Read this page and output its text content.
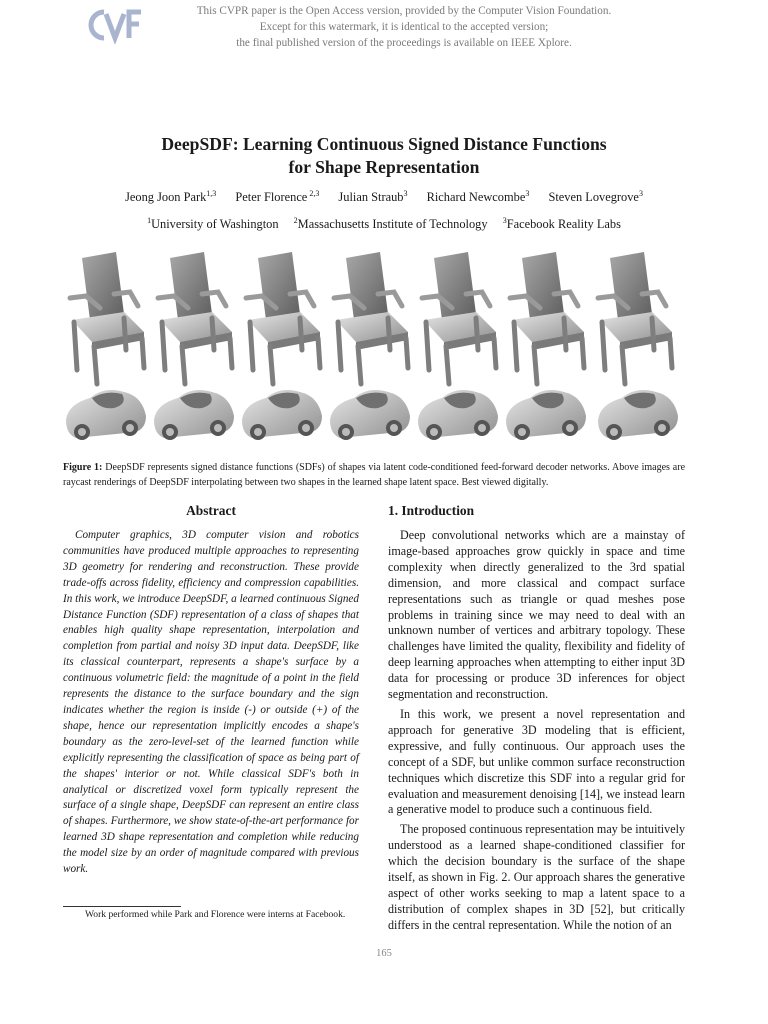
This CVPR paper is the Open Access version, provided by the Computer Vision Foundation.
Except for this watermark, it is identical to the accepted version;
the final published version of the proceedings is available on IEEE Xplore.
DeepSDF: Learning Continuous Signed Distance Functions
for Shape Representation
Jeong Joon Park$^{1,3}$ Peter Florence $^{2,3}$ Julian Straub$^3$ Richard Newcombe$^3$ Steven Lovegrove$^3$
$^1$University of Washington $^2$Massachusetts Institute of Technology $^3$Facebook Reality Labs
Figure 1: DeepSDF represents signed distance functions (SDFs) of shapes via latent code-conditioned feed-forward decoder networks. Above images are raycast renderings of DeepSDF interpolating between two shapes in the learned shape latent space. Best viewed digitally.
Abstract

Computer graphics, 3D computer vision and robotics communities have produced multiple approaches to representing 3D geometry for rendering and reconstruction. These provide trade-offs across fidelity, efficiency and compression capabilities. In this work, we introduce DeepSDF, a learned continuous Signed Distance Function (SDF) representation of a class of shapes that enables high quality shape representation, interpolation and completion from partial and noisy 3D input data. DeepSDF, like its classical counterpart, represents a shape's surface by a continuous volumetric field: the magnitude of a point in the field represents the distance to the surface boundary and the sign indicates whether the region is inside (-) or outside (+) of the shape, hence our representation implicitly encodes a shape's boundary as the zero-level-set of the learned function while explicitly representing the classification of space as being part of the shapes' interior or not. While classical SDF's both in analytical or discretized voxel form typically represent the surface of a single shape, DeepSDF can represent an entire class of shapes. Furthermore, we show state-of-the-art performance for learned 3D shape representation and completion while reducing the model size by an order of magnitude compared with previous work.

1. Introduction

Deep convolutional networks which are a mainstay of image-based approaches grow quickly in space and time complexity when directly generalized to the 3rd spatial dimension, and more classical and compact surface representations such as triangle or quad meshes pose problems in training since we may need to deal with an unknown number of vertices and arbitrary topology. These challenges have limited the quality, flexibility and fidelity of deep learning approaches when attempting to either input 3D data for processing or produce 3D inferences for object segmentation and reconstruction.

In this work, we present a novel representation and approach for generative 3D modeling that is efficient, expressive, and fully continuous. Our approach uses the concept of a SDF, but unlike common surface reconstruction techniques which discretize this SDF into a regular grid for evaluation and measurement denoising [14], we instead learn a generative model to produce such a continuous field.

The proposed continuous representation may be intuitively understood as a learned shape-conditioned classifier for which the decision boundary is the surface of the shape itself, as shown in Fig. 2. Our approach shares the generative aspect of other works seeking to map a latent space to a distribution of complex shapes in 3D [52], but critically differs in the central representation. While the notion of an

Work performed while Park and Florence were interns at Facebook.
165
